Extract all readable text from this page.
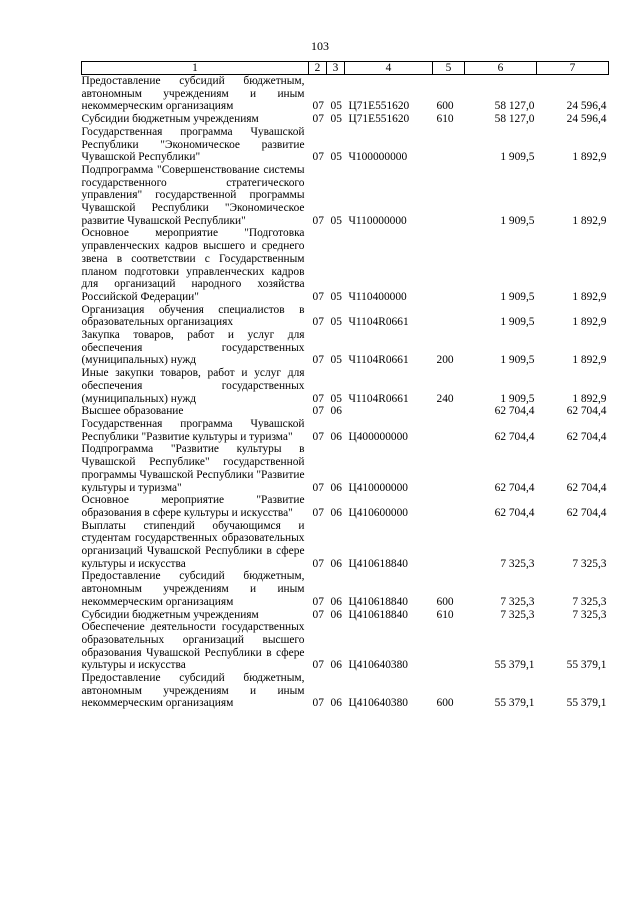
103
1	2	3	4	5	6	7
Предоставление субсидий бюджетным, автономным учреждениям и иным некоммерческим организациям	07	05	Ц71Е551620	600	58 127,0	24 596,4
Субсидии бюджетным учреждениям	07	05	Ц71Е551620	610	58 127,0	24 596,4
Государственная программа Чувашской Республики "Экономическое развитие Чувашской Республики"	07	05	Ч100000000		1 909,5	1 892,9
Подпрограмма "Совершенствование системы государственного стратегического управления" государственной программы Чувашской Республики "Экономическое развитие Чувашской Республики"	07	05	Ч110000000		1 909,5	1 892,9
Основное мероприятие "Подготовка управленческих кадров высшего и среднего звена в соответствии с Государственным планом подготовки управленческих кадров для организаций народного хозяйства Российской Федерации"	07	05	Ч110400000		1 909,5	1 892,9
Организация обучения специалистов в образовательных организациях	07	05	Ч1104R0661		1 909,5	1 892,9
Закупка товаров, работ и услуг для обеспечения государственных (муниципальных) нужд	07	05	Ч1104R0661	200	1 909,5	1 892,9
Иные закупки товаров, работ и услуг для обеспечения государственных (муниципальных) нужд	07	05	Ч1104R0661	240	1 909,5	1 892,9
Высшее образование	07	06			62 704,4	62 704,4
Государственная программа Чувашской Республики "Развитие культуры и туризма"	07	06	Ц400000000		62 704,4	62 704,4
Подпрограмма "Развитие культуры в Чувашской Республике" государственной программы Чувашской Республики "Развитие культуры и туризма"	07	06	Ц410000000		62 704,4	62 704,4
Основное мероприятие "Развитие образования в сфере культуры и искусства"	07	06	Ц410600000		62 704,4	62 704,4
Выплаты стипендий обучающимся и студентам государственных образовательных организаций Чувашской Республики в сфере культуры и искусства	07	06	Ц410618840		7 325,3	7 325,3
Предоставление субсидий бюджетным, автономным учреждениям и иным некоммерческим организациям	07	06	Ц410618840	600	7 325,3	7 325,3
Субсидии бюджетным учреждениям	07	06	Ц410618840	610	7 325,3	7 325,3
Обеспечение деятельности государственных образовательных организаций высшего образования Чувашской Республики в сфере культуры и искусства	07	06	Ц410640380		55 379,1	55 379,1
Предоставление субсидий бюджетным, автономным учреждениям и иным некоммерческим организациям	07	06	Ц410640380	600	55 379,1	55 379,1
